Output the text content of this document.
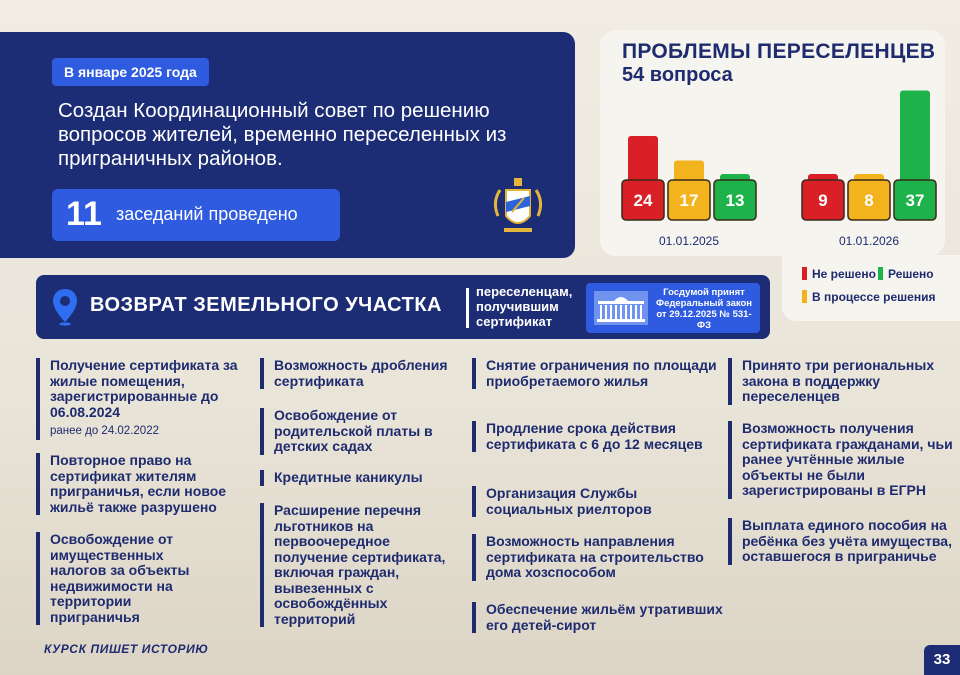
В январе 2025 года
Создан Координационный совет по решению вопросов жителей, временно переселенных из приграничных районов.
11 заседаний проведено
ПРОБЛЕМЫ ПЕРЕСЕЛЕНЦЕВ
54 вопроса
24 17 13
01.01.2025
9 8 37
01.01.2026
Не решено	Решено
В процессе решения
ВОЗВРАТ ЗЕМЕЛЬНОГО УЧАСТКА
переселенцам, получившим сертификат
Госдумой принят Федеральный закон от 29.12.2025 № 531-ФЗ
Получение сертификата за жилые помещения, зарегистрированные до 06.08.2024
ранее до 24.02.2022
Повторное право на сертификат жителям приграничья, если новое жильё также разрушено
Освобождение от имущественных налогов за объекты недвижимости на территории приграничья
Возможность дробления сертификата
Освобождение от родительской платы в детских садах
Кредитные каникулы
Расширение перечня льготников на первоочередное получение сертификата, включая граждан, вывезенных с освобождённых территорий
Снятие ограничения по площади приобретаемого жилья
Продление срока действия сертификата с 6 до 12 месяцев
Организация Службы социальных риелторов
Возможность направления сертификата на строительство дома хозспособом
Обеспечение жильём утративших его детей-сирот
Принято три региональных закона в поддержку переселенцев
Возможность получения сертификата гражданами, чьи ранее учтённые жилые объекты не были зарегистрированы в ЕГРН
Выплата единого пособия на ребёнка без учёта имущества, оставшегося в приграничье
КУРСК ПИШЕТ ИСТОРИЮ
33
